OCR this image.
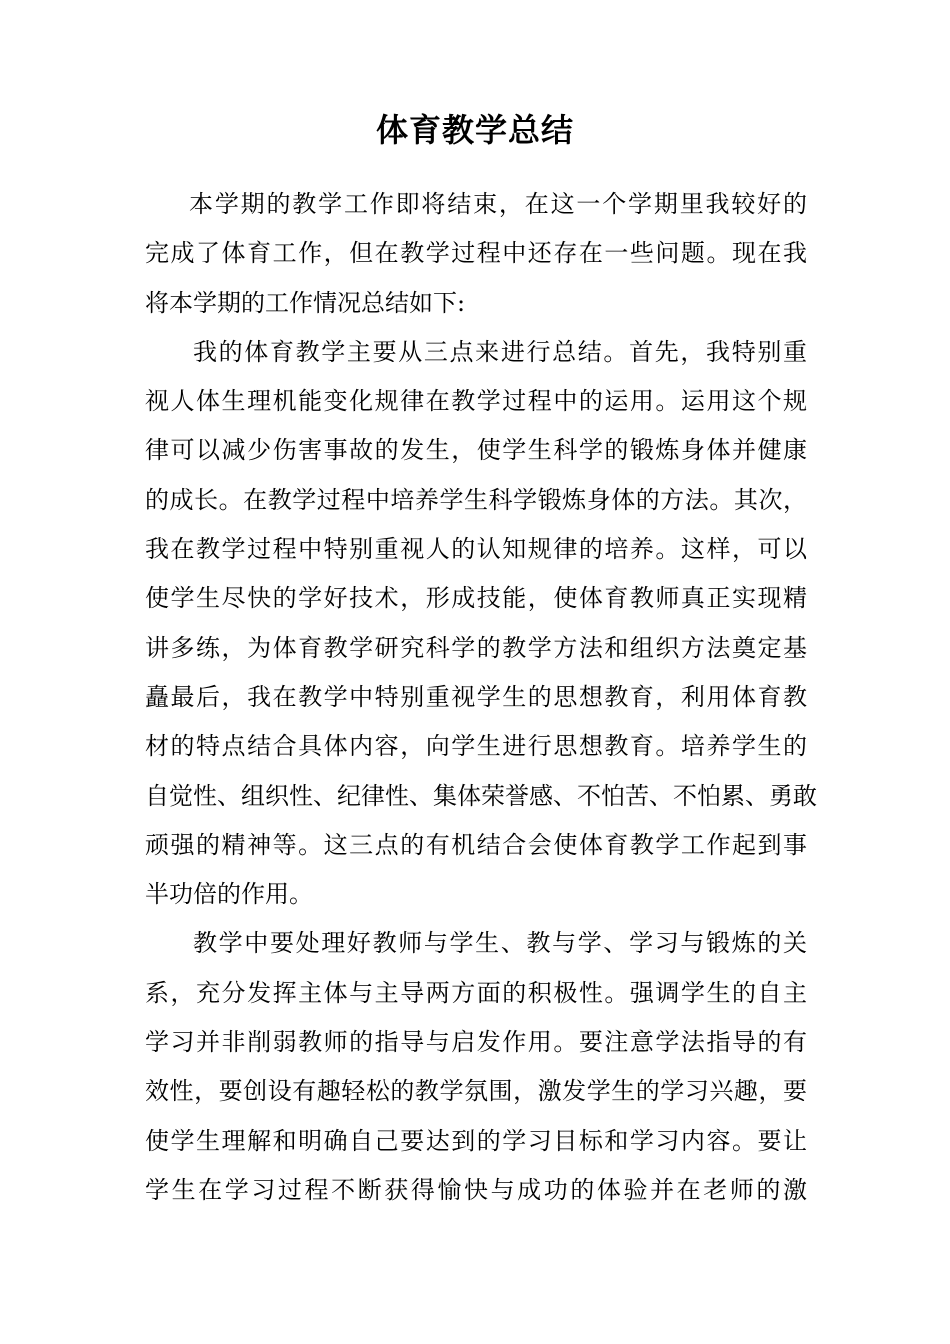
体育教学总结
本学期的教学工作即将结束，在这一个学期里我较好的
完成了体育工作，但在教学过程中还存在一些问题。现在我
将本学期的工作情况总结如下:
我的体育教学主要从三点来进行总结。首先，我特别重
视人体生理机能变化规律在教学过程中的运用。运用这个规
律可以减少伤害事故的发生，使学生科学的锻炼身体并健康
的成长。在教学过程中培养学生科学锻炼身体的方法。其次，
我在教学过程中特别重视人的认知规律的培养。这样，可以
使学生尽快的学好技术，形成技能，使体育教师真正实现精
讲多练，为体育教学研究科学的教学方法和组织方法奠定基
矗最后，我在教学中特别重视学生的思想教育，利用体育教
材的特点结合具体内容，向学生进行思想教育。培养学生的
自觉性、组织性、纪律性、集体荣誉感、不怕苦、不怕累、勇敢
顽强的精神等。这三点的有机结合会使体育教学工作起到事
半功倍的作用。
教学中要处理好教师与学生、教与学、学习与锻炼的关
系，充分发挥主体与主导两方面的积极性。强调学生的自主
学习并非削弱教师的指导与启发作用。要注意学法指导的有
效性，要创设有趣轻松的教学氛围，激发学生的学习兴趣，要
使学生理解和明确自己要达到的学习目标和学习内容。要让
学生在学习过程不断获得愉快与成功的体验并在老师的激
